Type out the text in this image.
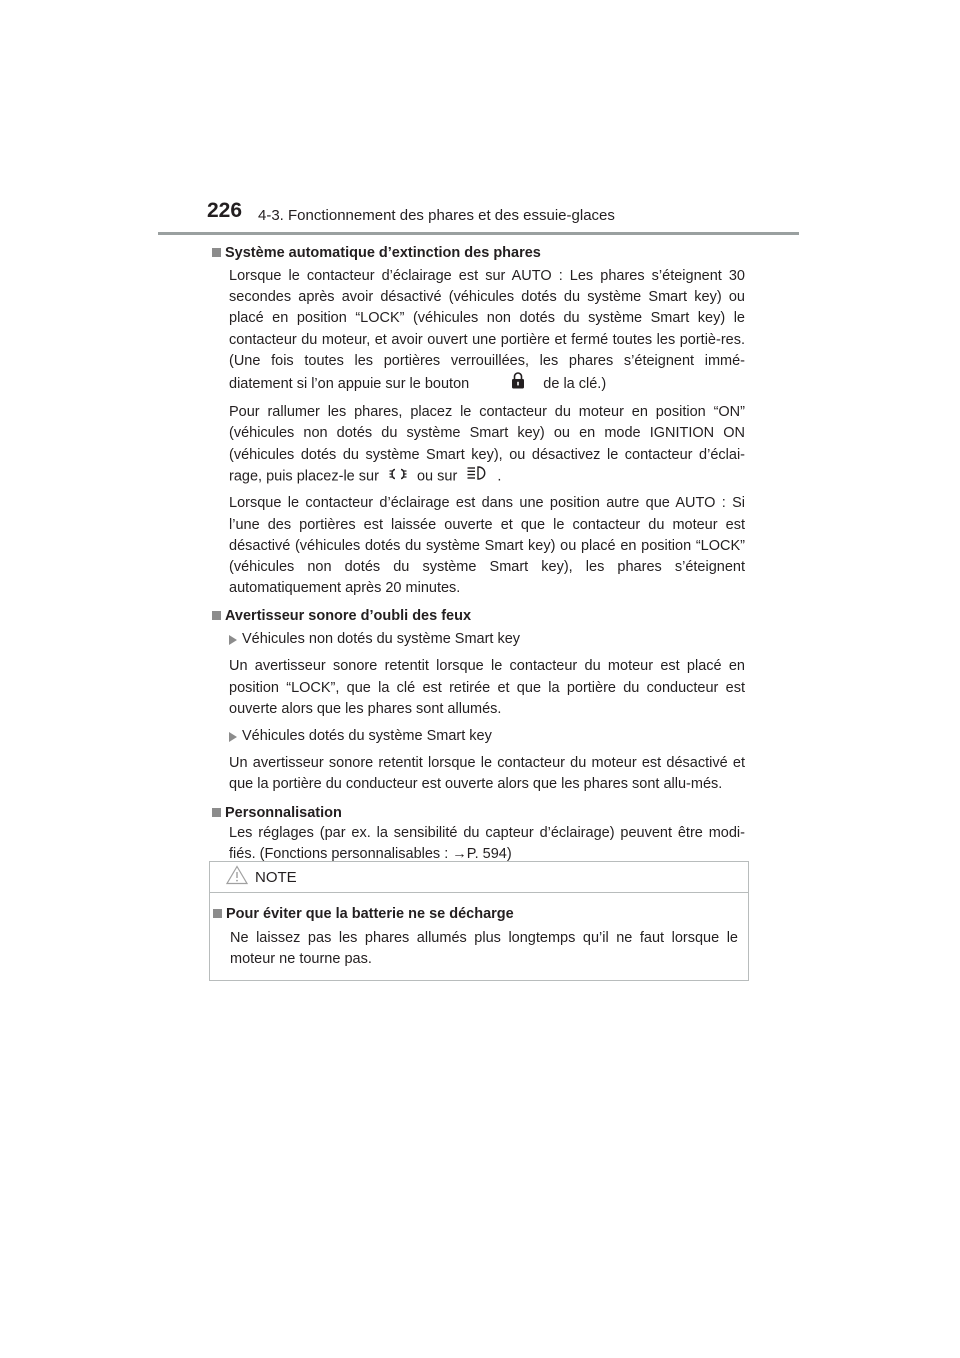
226 4-3. Fonctionnement des phares et des essuie-glaces
Système automatique d’extinction des phares

Lorsque le contacteur d’éclairage est sur AUTO : Les phares s’éteignent 30 secondes après avoir désactivé (véhicules dotés du système Smart key) ou placé en position “LOCK” (véhicules non dotés du système Smart key) le contacteur du moteur, et avoir ouvert une portière et fermé toutes les portiè-res. (Une fois toutes les portières verrouillées, les phares s’éteignent immé-diatement si l’on appuie sur le bouton	de la clé.)

Pour rallumer les phares, placez le contacteur du moteur en position “ON” (véhicules non dotés du système Smart key) ou en mode IGNITION ON (véhicules dotés du système Smart key), ou désactivez le contacteur d’éclai-rage, puis placez-le sur	ou sur	.

Lorsque le contacteur d’éclairage est dans une position autre que AUTO : Si l’une des portières est laissée ouverte et que le contacteur du moteur est désactivé (véhicules dotés du système Smart key) ou placé en position “LOCK” (véhicules non dotés du système Smart key), les phares s’éteignent automatiquement après 20 minutes.

Avertisseur sonore d’oubli des feux
Véhicules non dotés du système Smart key

Un avertisseur sonore retentit lorsque le contacteur du moteur est placé en position “LOCK”, que la clé est retirée et que la portière du conducteur est ouverte alors que les phares sont allumés.

Véhicules dotés du système Smart key

Un avertisseur sonore retentit lorsque le contacteur du moteur est désactivé et que la portière du conducteur est ouverte alors que les phares sont allu-més.

Personnalisation

Les réglages (par ex. la sensibilité du capteur d’éclairage) peuvent être modi-fiés. (Fonctions personnalisables : →P. 594)

NOTE
Pour éviter que la batterie ne se décharge

Ne laissez pas les phares allumés plus longtemps qu’il ne faut lorsque le moteur ne tourne pas.
